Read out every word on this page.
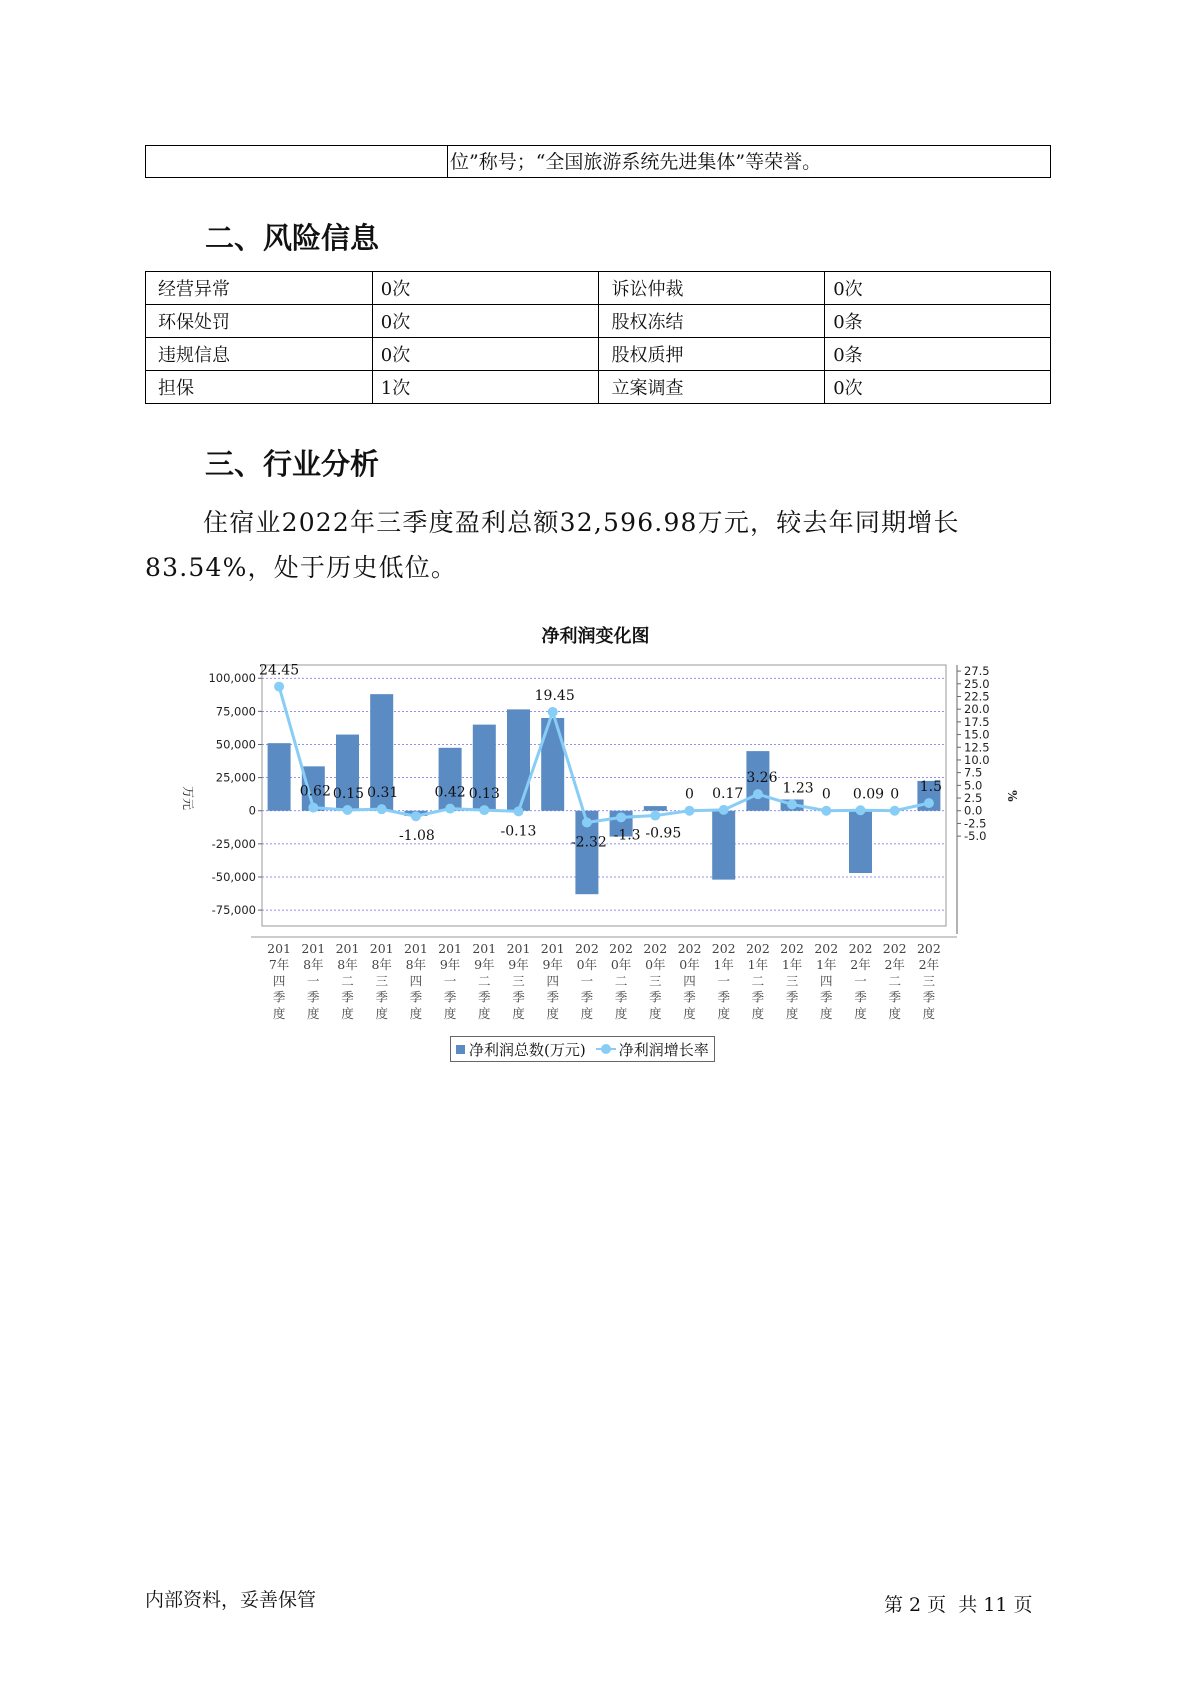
位”称号；“全国旅游系统先进集体”等荣誉。
二、风险信息
经营异常	0次	诉讼仲裁	0次
环保处罚	0次	股权冻结	0条
违规信息	0次	股权质押	0条
担保	1次	立案调查	0次
三、行业分析
住宿业2022年三季度盈利总额32,596.98万元，较去年同期增长83.54%，处于历史低位。
净利润变化图
100,000
75,000
50,000
25,000
0
-25,000
-50,000
-75,000
27.5
25.0
22.5
20.0
17.5
15.0
12.5
10.0
7.5
5.0
2.5
0.0
-2.5
-5.0
万元	%
24.45
0.62 0.15 0.31
-1.08
0.42 0.13
-0.13
19.45
-2.32 -1.3 -0.95
0 0.17
3.26
1.23 0 0.09 0 1.5
201
7年
四
季
度
201
8年
一
季
度
201
8年
二
季
度
201
8年
三
季
度
201
8年
四
季
度
201
9年
一
季
度
201
9年
二
季
度
201
9年
三
季
度
201
9年
四
季
度
202
0年
一
季
度
202
0年
二
季
度
202
0年
三
季
度
202
0年
四
季
度
202
1年
一
季
度
202
1年
二
季
度
202
1年
三
季
度
202
1年
四
季
度
202
2年
一
季
度
202
2年
二
季
度
202
2年
三
季
度
净利润总数(万元) 净利润增长率
内部资料，妥善保管	第 2 页  共 11 页
